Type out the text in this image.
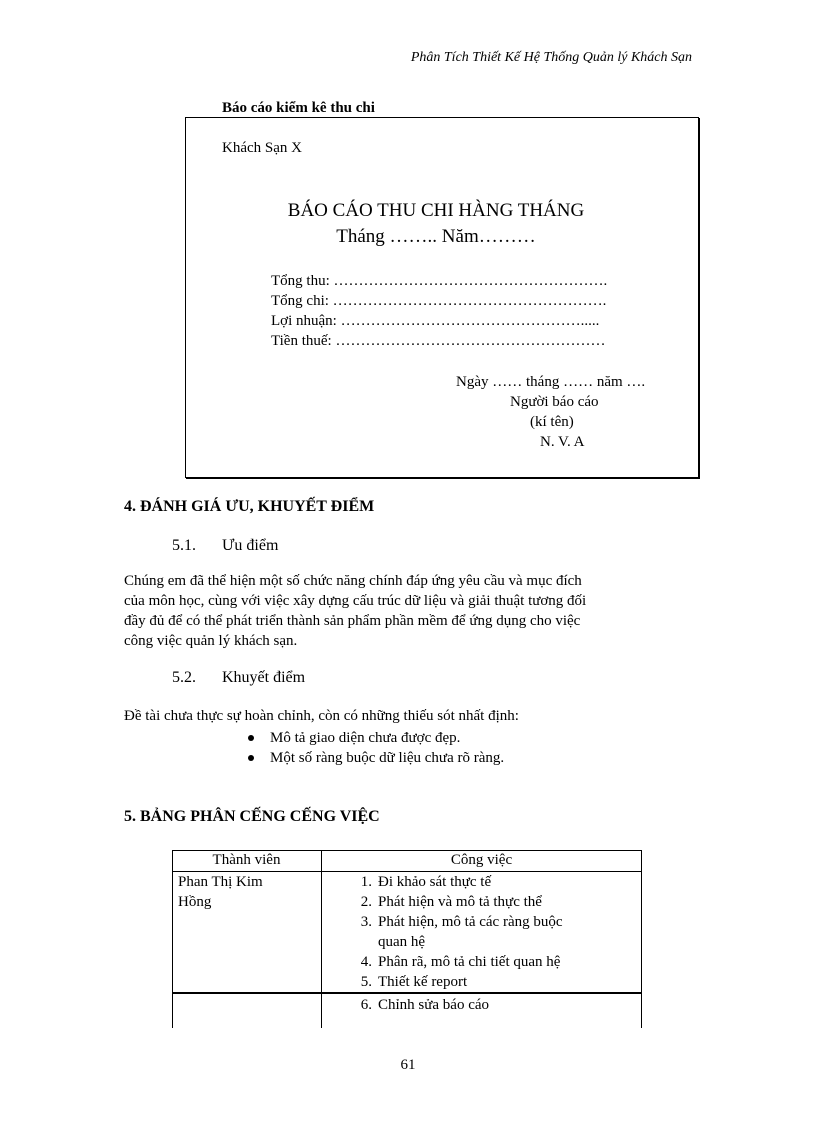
Phân Tích Thiết Kế Hệ Thống Quản lý Khách Sạn
Báo cáo kiểm kê thu chi
Khách Sạn X
BÁO CÁO THU CHI HÀNG THÁNG
Tháng …….. Năm………
Tổng thu: ……………………………………………….
Tổng chi: ……………………………………………….
Lợi nhuận: ………………………………………….....
Tiền thuế: ………………………………………………
Ngày …… tháng …… năm ….
Người báo cáo
(kí tên)
N. V. A
4. ĐÁNH GIÁ ƯU, KHUYẾT ĐIỂM
5.1. Ưu điểm
Chúng em đã thể hiện một số chức năng chính đáp ứng yêu cầu và mục đích
của môn học, cùng với việc xây dựng cấu trúc dữ liệu và giải thuật tương đối
đầy đủ để có thể phát triển thành sản phẩm phần mềm để ứng dụng cho việc
công việc quản lý khách sạn.
5.2. Khuyết điểm
Đề tài chưa thực sự hoàn chỉnh, còn có những thiếu sót nhất định:
Mô tả giao diện chưa được đẹp.
Một số ràng buộc dữ liệu chưa rõ ràng.
5. BẢNG PHÂN CẾNG CẾNG VIỆC
Thành viên	Công việc
Phan Thị Kim
Hồng
1. Đi khảo sát thực tế
2. Phát hiện và mô tả thực thể
3. Phát hiện, mô tả các ràng buộc
quan hệ
4. Phân rã, mô tả chi tiết quan hệ
5. Thiết kế report
6. Chỉnh sửa báo cáo
61
